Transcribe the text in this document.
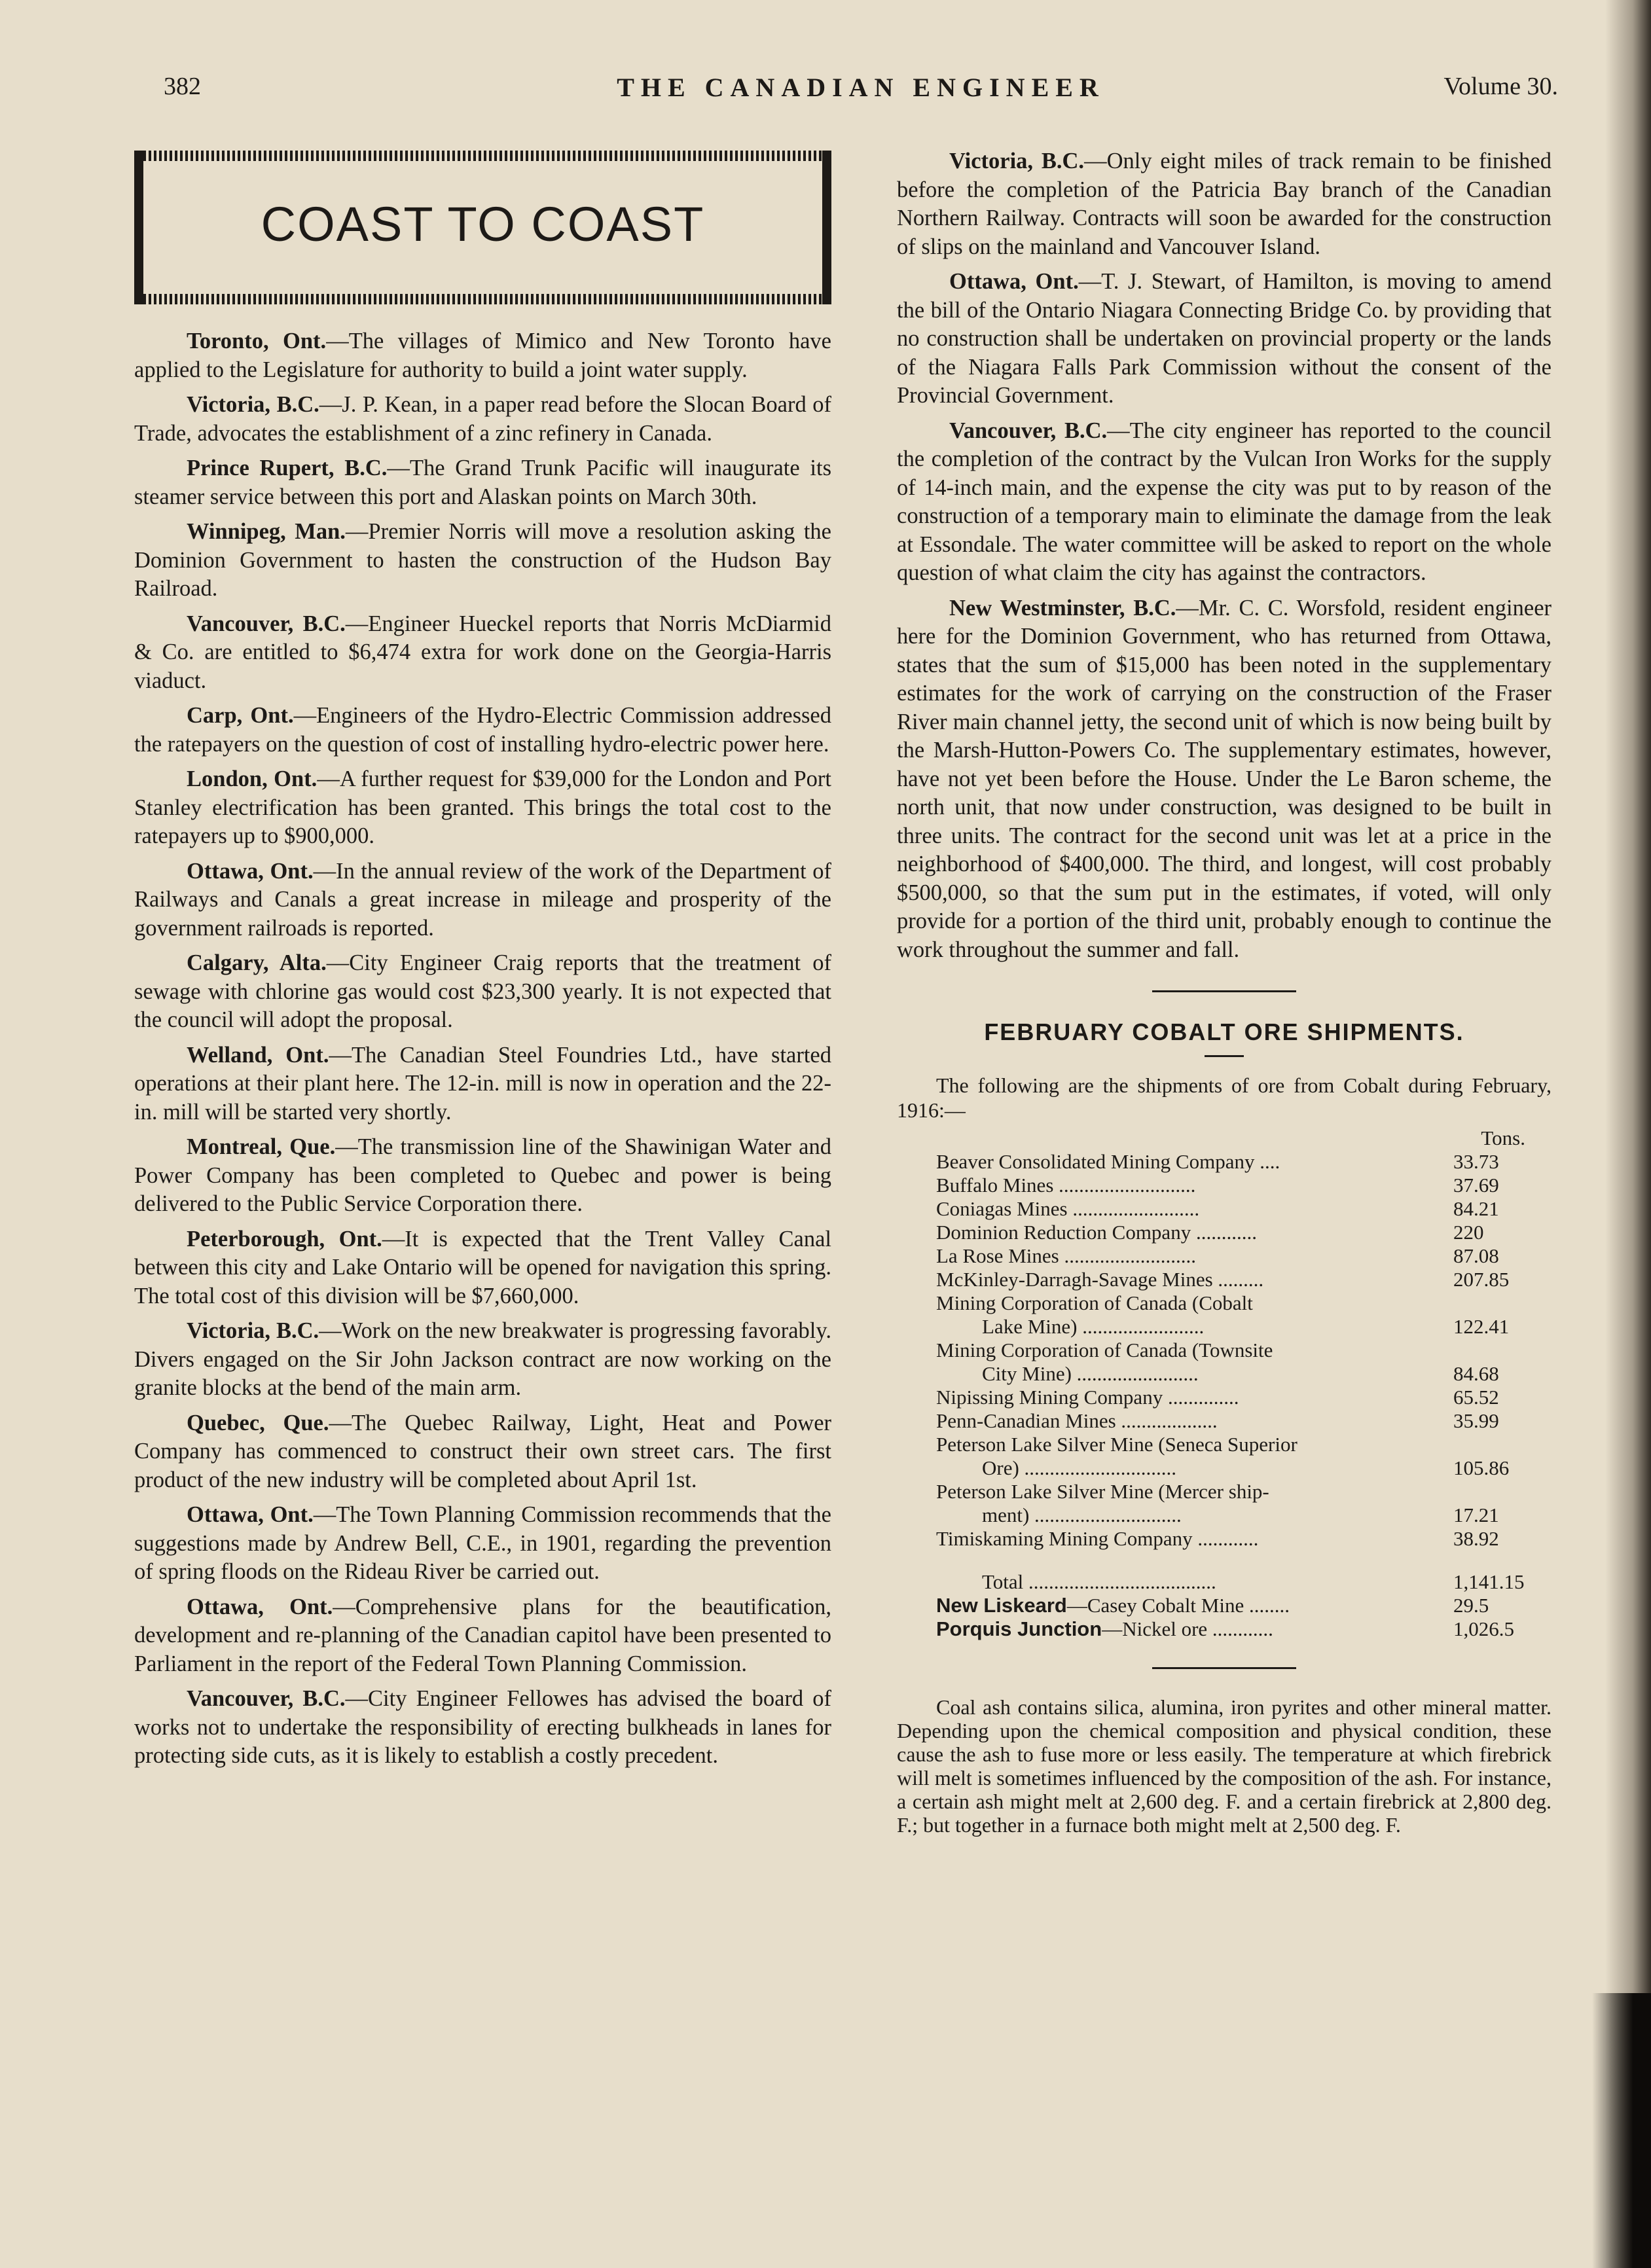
382	THE CANADIAN ENGINEER	Volume 30.
COAST TO COAST

Toronto, Ont.—The villages of Mimico and New Toronto have applied to the Legislature for authority to build a joint water supply.

Victoria, B.C.—J. P. Kean, in a paper read before the Slocan Board of Trade, advocates the establishment of a zinc refinery in Canada.

Prince Rupert, B.C.—The Grand Trunk Pacific will inaugurate its steamer service between this port and Alaskan points on March 30th.

Winnipeg, Man.—Premier Norris will move a resolution asking the Dominion Government to hasten the construction of the Hudson Bay Railroad.

Vancouver, B.C.—Engineer Hueckel reports that Norris McDiarmid & Co. are entitled to $6,474 extra for work done on the Georgia-Harris viaduct.

Carp, Ont.—Engineers of the Hydro-Electric Commission addressed the ratepayers on the question of cost of installing hydro-electric power here.

London, Ont.—A further request for $39,000 for the London and Port Stanley electrification has been granted. This brings the total cost to the ratepayers up to $900,000.

Ottawa, Ont.—In the annual review of the work of the Department of Railways and Canals a great increase in mileage and prosperity of the government railroads is reported.

Calgary, Alta.—City Engineer Craig reports that the treatment of sewage with chlorine gas would cost $23,300 yearly. It is not expected that the council will adopt the proposal.

Welland, Ont.—The Canadian Steel Foundries Ltd., have started operations at their plant here. The 12-in. mill is now in operation and the 22-in. mill will be started very shortly.

Montreal, Que.—The transmission line of the Shawinigan Water and Power Company has been completed to Quebec and power is being delivered to the Public Service Corporation there.

Peterborough, Ont.—It is expected that the Trent Valley Canal between this city and Lake Ontario will be opened for navigation this spring. The total cost of this division will be $7,660,000.

Victoria, B.C.—Work on the new breakwater is progressing favorably. Divers engaged on the Sir John Jackson contract are now working on the granite blocks at the bend of the main arm.

Quebec, Que.—The Quebec Railway, Light, Heat and Power Company has commenced to construct their own street cars. The first product of the new industry will be completed about April 1st.

Ottawa, Ont.—The Town Planning Commission recommends that the suggestions made by Andrew Bell, C.E., in 1901, regarding the prevention of spring floods on the Rideau River be carried out.

Ottawa, Ont.—Comprehensive plans for the beautification, development and re-planning of the Canadian capitol have been presented to Parliament in the report of the Federal Town Planning Commission.

Vancouver, B.C.—City Engineer Fellowes has advised the board of works not to undertake the responsibility of erecting bulkheads in lanes for protecting side cuts, as it is likely to establish a costly precedent.

Victoria, B.C.—Only eight miles of track remain to be finished before the completion of the Patricia Bay branch of the Canadian Northern Railway. Contracts will soon be awarded for the construction of slips on the mainland and Vancouver Island.

Ottawa, Ont.—T. J. Stewart, of Hamilton, is moving to amend the bill of the Ontario Niagara Connecting Bridge Co. by providing that no construction shall be undertaken on provincial property or the lands of the Niagara Falls Park Commission without the consent of the Provincial Government.

Vancouver, B.C.—The city engineer has reported to the council the completion of the contract by the Vulcan Iron Works for the supply of 14-inch main, and the expense the city was put to by reason of the construction of a temporary main to eliminate the damage from the leak at Essondale. The water committee will be asked to report on the whole question of what claim the city has against the contractors.

New Westminster, B.C.—Mr. C. C. Worsfold, resident engineer here for the Dominion Government, who has returned from Ottawa, states that the sum of $15,000 has been noted in the supplementary estimates for the work of carrying on the construction of the Fraser River main channel jetty, the second unit of which is now being built by the Marsh-Hutton-Powers Co. The supplementary estimates, however, have not yet been before the House. Under the Le Baron scheme, the north unit, that now under construction, was designed to be built in three units. The contract for the second unit was let at a price in the neighborhood of $400,000. The third, and longest, will cost probably $500,000, so that the sum put in the estimates, if voted, will only provide for a portion of the third unit, probably enough to continue the work throughout the summer and fall.

FEBRUARY COBALT ORE SHIPMENTS.

The following are the shipments of ore from Cobalt during February, 1916:—

Tons.
Beaver Consolidated Mining Company ....	33.73
Buffalo Mines ...........................	37.69
Coniagas Mines .........................	84.21
Dominion Reduction Company ............	220
La Rose Mines ..........................	87.08
McKinley-Darragh-Savage Mines .........	207.85
Mining Corporation of Canada (Cobalt
Lake Mine) ........................	122.41
Mining Corporation of Canada (Townsite
City Mine) ........................	84.68
Nipissing Mining Company ..............	65.52
Penn-Canadian Mines ...................	35.99
Peterson Lake Silver Mine (Seneca Superior
Ore) ..............................	105.86
Peterson Lake Silver Mine (Mercer ship-
ment) .............................	17.21
Timiskaming Mining Company ............	38.92
Total .....................................	1,141.15
New Liskeard—Casey Cobalt Mine ........	29.5
Porquis Junction—Nickel ore ............	1,026.5

Coal ash contains silica, alumina, iron pyrites and other mineral matter. Depending upon the chemical composition and physical condition, these cause the ash to fuse more or less easily. The temperature at which firebrick will melt is sometimes influenced by the composition of the ash. For instance, a certain ash might melt at 2,600 deg. F. and a certain firebrick at 2,800 deg. F.; but together in a furnace both might melt at 2,500 deg. F.
